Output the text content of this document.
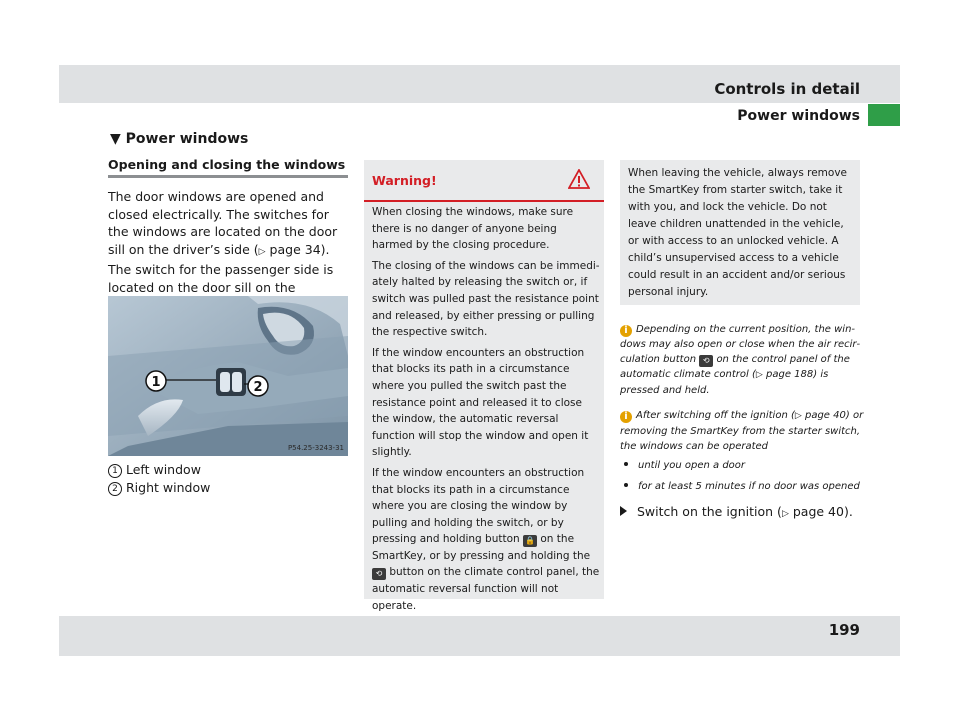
Controls in detail
Power windows
▼ Power windows
Opening and closing the windows
The door windows are opened and closed electrically. The switches for the windows are located on the door sill on the driver’s side (▷ page 34). The switch for the passenger side is located on the door sill on the
1	2
P54.25-3243-31
1 Left window
2 Right window
Warning!

When closing the windows, make sure there is no danger of anyone being harmed by the closing procedure.

The closing of the windows can be immediately halted by releasing the switch or, if switch was pulled past the resistance point and released, by either pressing or pulling the respective switch.

If the window encounters an obstruction that blocks its path in a circumstance where you pulled the switch past the resistance point and released it to close the window, the automatic reversal function will stop the window and open it slightly.

If the window encounters an obstruction that blocks its path in a circumstance where you are closing the window by pulling and holding the switch, or by pressing and holding button 🔒 on the SmartKey, or by pressing and holding the ⟲ button on the climate control panel, the automatic reversal function will not operate.

When leaving the vehicle, always remove the SmartKey from starter switch, take it with you, and lock the vehicle. Do not leave children unattended in the vehicle, or with access to an unlocked vehicle. A child’s unsupervised access to a vehicle could result in an accident and/or serious personal injury.
i Depending on the current position, the windows may also open or close when the air recirculation button ⟲ on the control panel of the automatic climate control (▷ page 188) is pressed and held.
i After switching off the ignition (▷ page 40) or removing the SmartKey from the starter switch, the windows can be operated
until you open a door
for at least 5 minutes if no door was opened
Switch on the ignition (▷ page 40).
199
